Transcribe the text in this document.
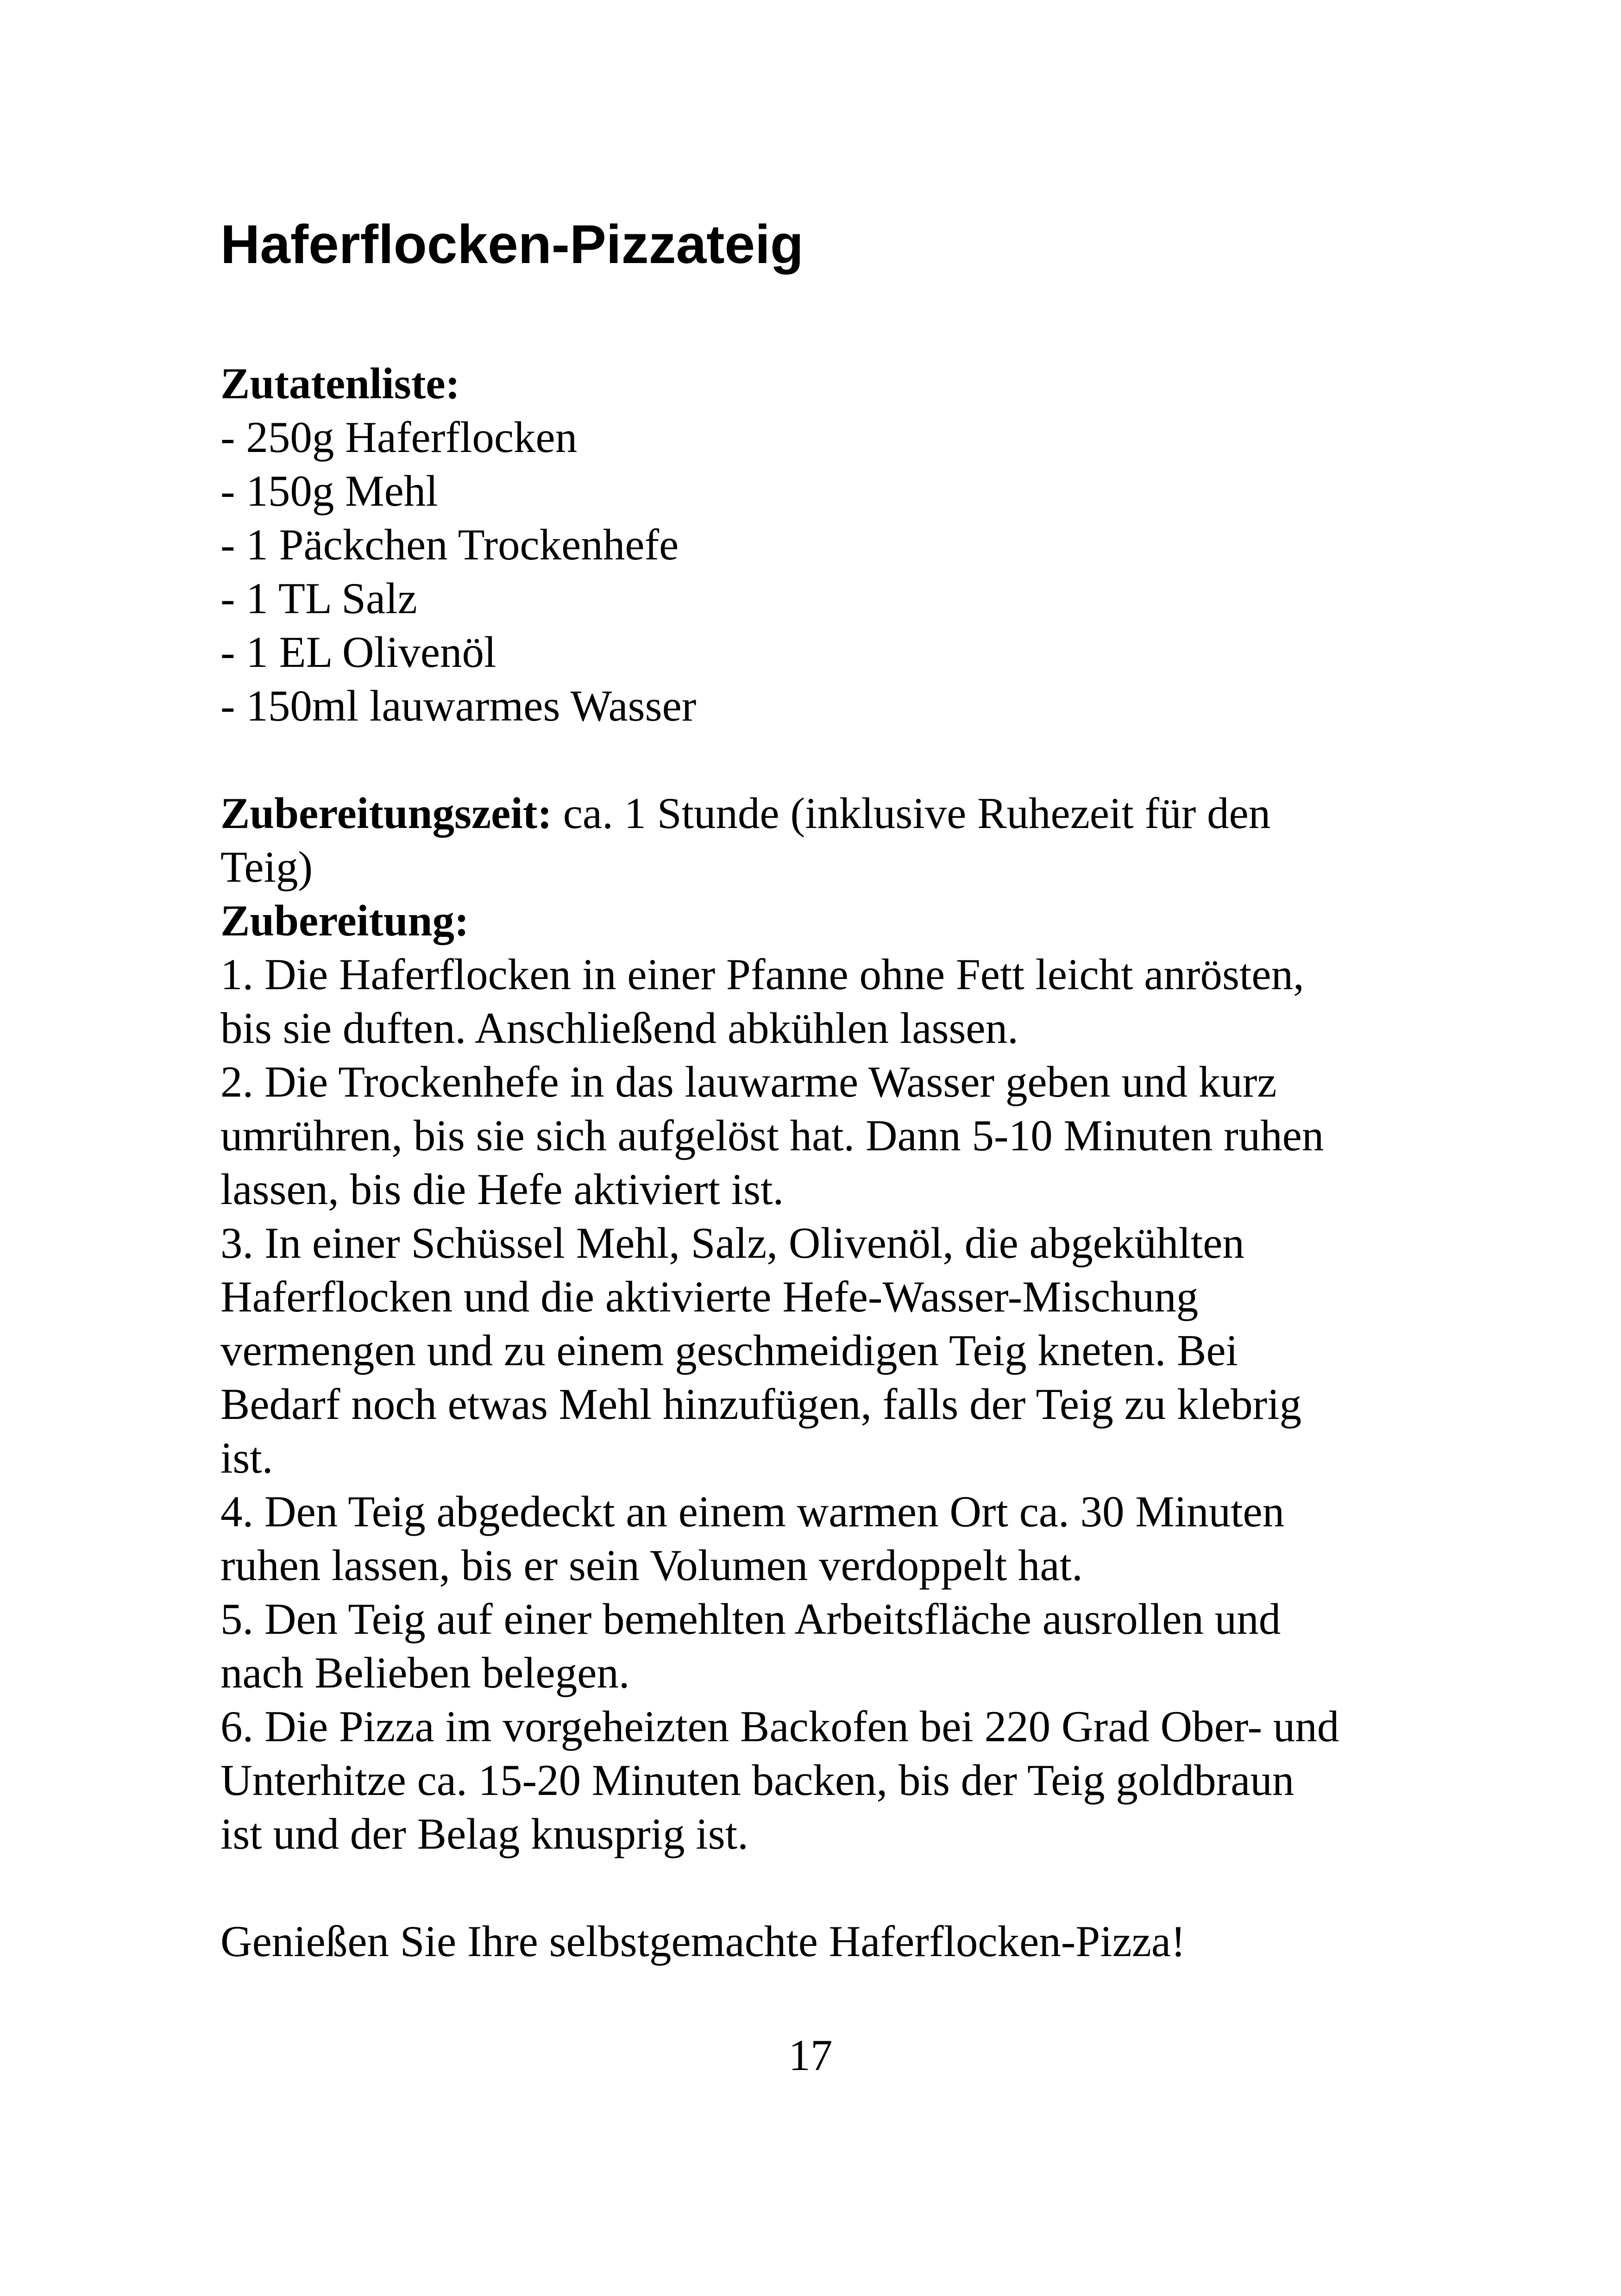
Haferflocken-Pizzateig
Zutatenliste:
- 250g Haferflocken
- 150g Mehl
- 1 Päckchen Trockenhefe
- 1 TL Salz
- 1 EL Olivenöl
- 150ml lauwarmes Wasser
Zubereitungszeit: ca. 1 Stunde (inklusive Ruhezeit für den
Teig)
Zubereitung:
1. Die Haferflocken in einer Pfanne ohne Fett leicht anrösten,
bis sie duften. Anschließend abkühlen lassen.
2. Die Trockenhefe in das lauwarme Wasser geben und kurz
umrühren, bis sie sich aufgelöst hat. Dann 5-10 Minuten ruhen
lassen, bis die Hefe aktiviert ist.
3. In einer Schüssel Mehl, Salz, Olivenöl, die abgekühlten
Haferflocken und die aktivierte Hefe-Wasser-Mischung
vermengen und zu einem geschmeidigen Teig kneten. Bei
Bedarf noch etwas Mehl hinzufügen, falls der Teig zu klebrig
ist.
4. Den Teig abgedeckt an einem warmen Ort ca. 30 Minuten
ruhen lassen, bis er sein Volumen verdoppelt hat.
5. Den Teig auf einer bemehlten Arbeitsfläche ausrollen und
nach Belieben belegen.
6. Die Pizza im vorgeheizten Backofen bei 220 Grad Ober- und
Unterhitze ca. 15-20 Minuten backen, bis der Teig goldbraun
ist und der Belag knusprig ist.
Genießen Sie Ihre selbstgemachte Haferflocken-Pizza!
17
